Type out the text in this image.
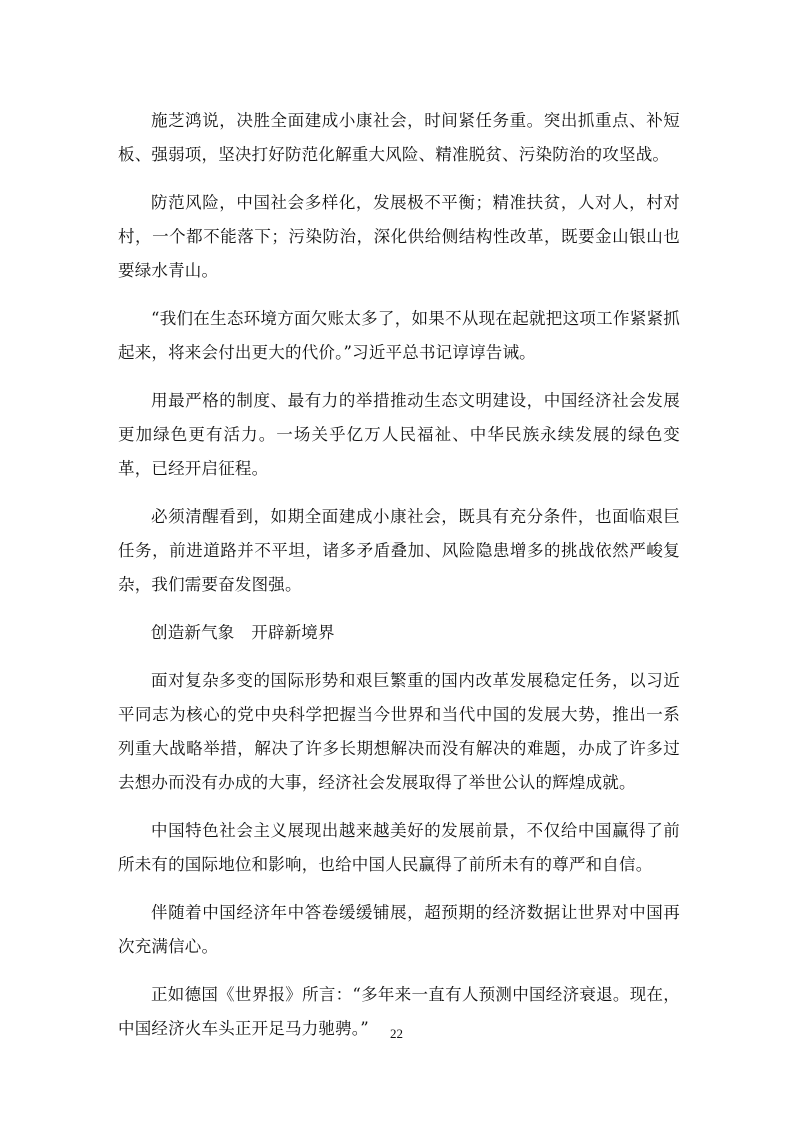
施芝鸿说，决胜全面建成小康社会，时间紧任务重。突出抓重点、补短板、强弱项，坚决打好防范化解重大风险、精准脱贫、污染防治的攻坚战。

防范风险，中国社会多样化，发展极不平衡；精准扶贫，人对人，村对村，一个都不能落下；污染防治，深化供给侧结构性改革，既要金山银山也要绿水青山。

“我们在生态环境方面欠账太多了，如果不从现在起就把这项工作紧紧抓起来，将来会付出更大的代价。”习近平总书记谆谆告诫。

用最严格的制度、最有力的举措推动生态文明建设，中国经济社会发展更加绿色更有活力。一场关乎亿万人民福祉、中华民族永续发展的绿色变革，已经开启征程。

必须清醒看到，如期全面建成小康社会，既具有充分条件，也面临艰巨任务，前进道路并不平坦，诸多矛盾叠加、风险隐患增多的挑战依然严峻复杂，我们需要奋发图强。

创造新气象　开辟新境界

面对复杂多变的国际形势和艰巨繁重的国内改革发展稳定任务，以习近平同志为核心的党中央科学把握当今世界和当代中国的发展大势，推出一系列重大战略举措，解决了许多长期想解决而没有解决的难题，办成了许多过去想办而没有办成的大事，经济社会发展取得了举世公认的辉煌成就。

中国特色社会主义展现出越来越美好的发展前景，不仅给中国赢得了前所未有的国际地位和影响，也给中国人民赢得了前所未有的尊严和自信。

伴随着中国经济年中答卷缓缓铺展，超预期的经济数据让世界对中国再次充满信心。

正如德国《世界报》所言：“多年来一直有人预测中国经济衰退。现在，中国经济火车头正开足马力驰骋。”	22
